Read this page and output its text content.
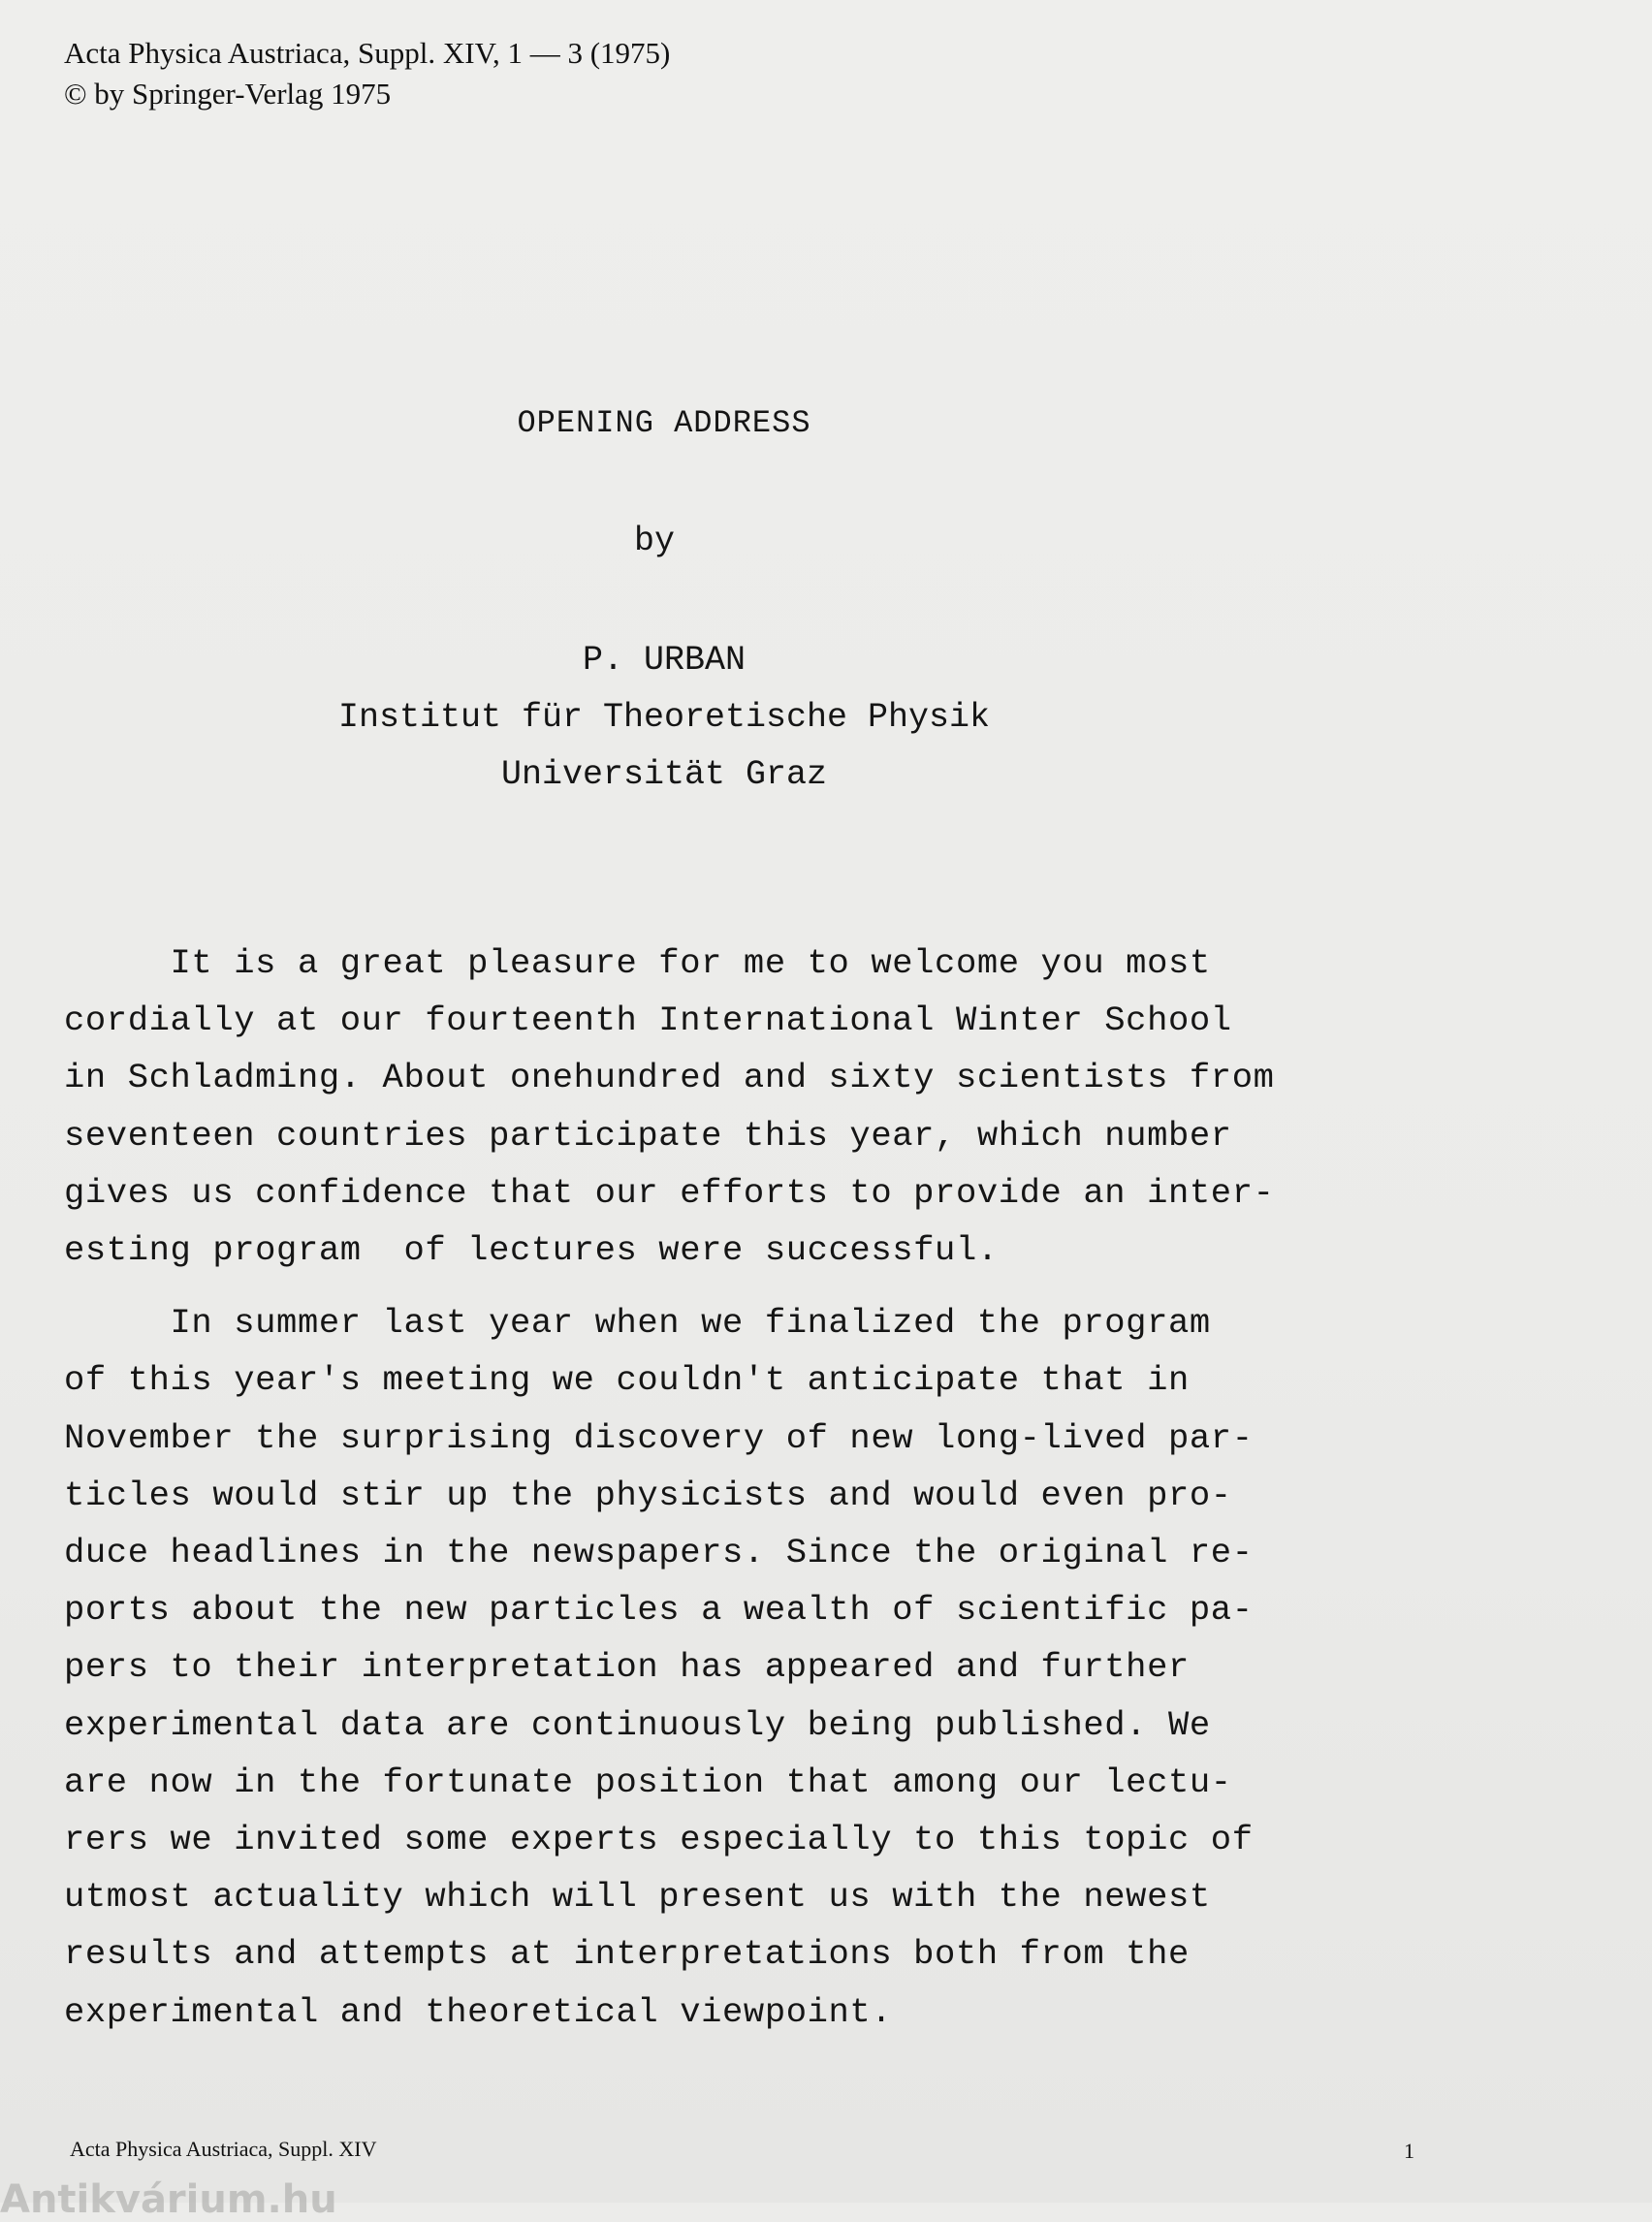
Acta Physica Austriaca, Suppl. XIV, 1 — 3 (1975)
© by Springer-Verlag 1975
OPENING ADDRESS
by
P. URBAN
Institut für Theoretische Physik
Universität Graz

It is a great pleasure for me to welcome you most
cordially at our fourteenth International Winter School
in Schladming. About onehundred and sixty scientists from
seventeen countries participate this year, which number
gives us confidence that our efforts to provide an inter-
esting program  of lectures were successful.

In summer last year when we finalized the program
of this year's meeting we couldn't anticipate that in
November the surprising discovery of new long-lived par-
ticles would stir up the physicists and would even pro-
duce headlines in the newspapers. Since the original re-
ports about the new particles a wealth of scientific pa-
pers to their interpretation has appeared and further
experimental data are continuously being published. We
are now in the fortunate position that among our lectu-
rers we invited some experts especially to this topic of
utmost actuality which will present us with the newest
results and attempts at interpretations both from the
experimental and theoretical viewpoint.

Acta Physica Austriaca, Suppl. XIV	1
Antikvárium.hu
